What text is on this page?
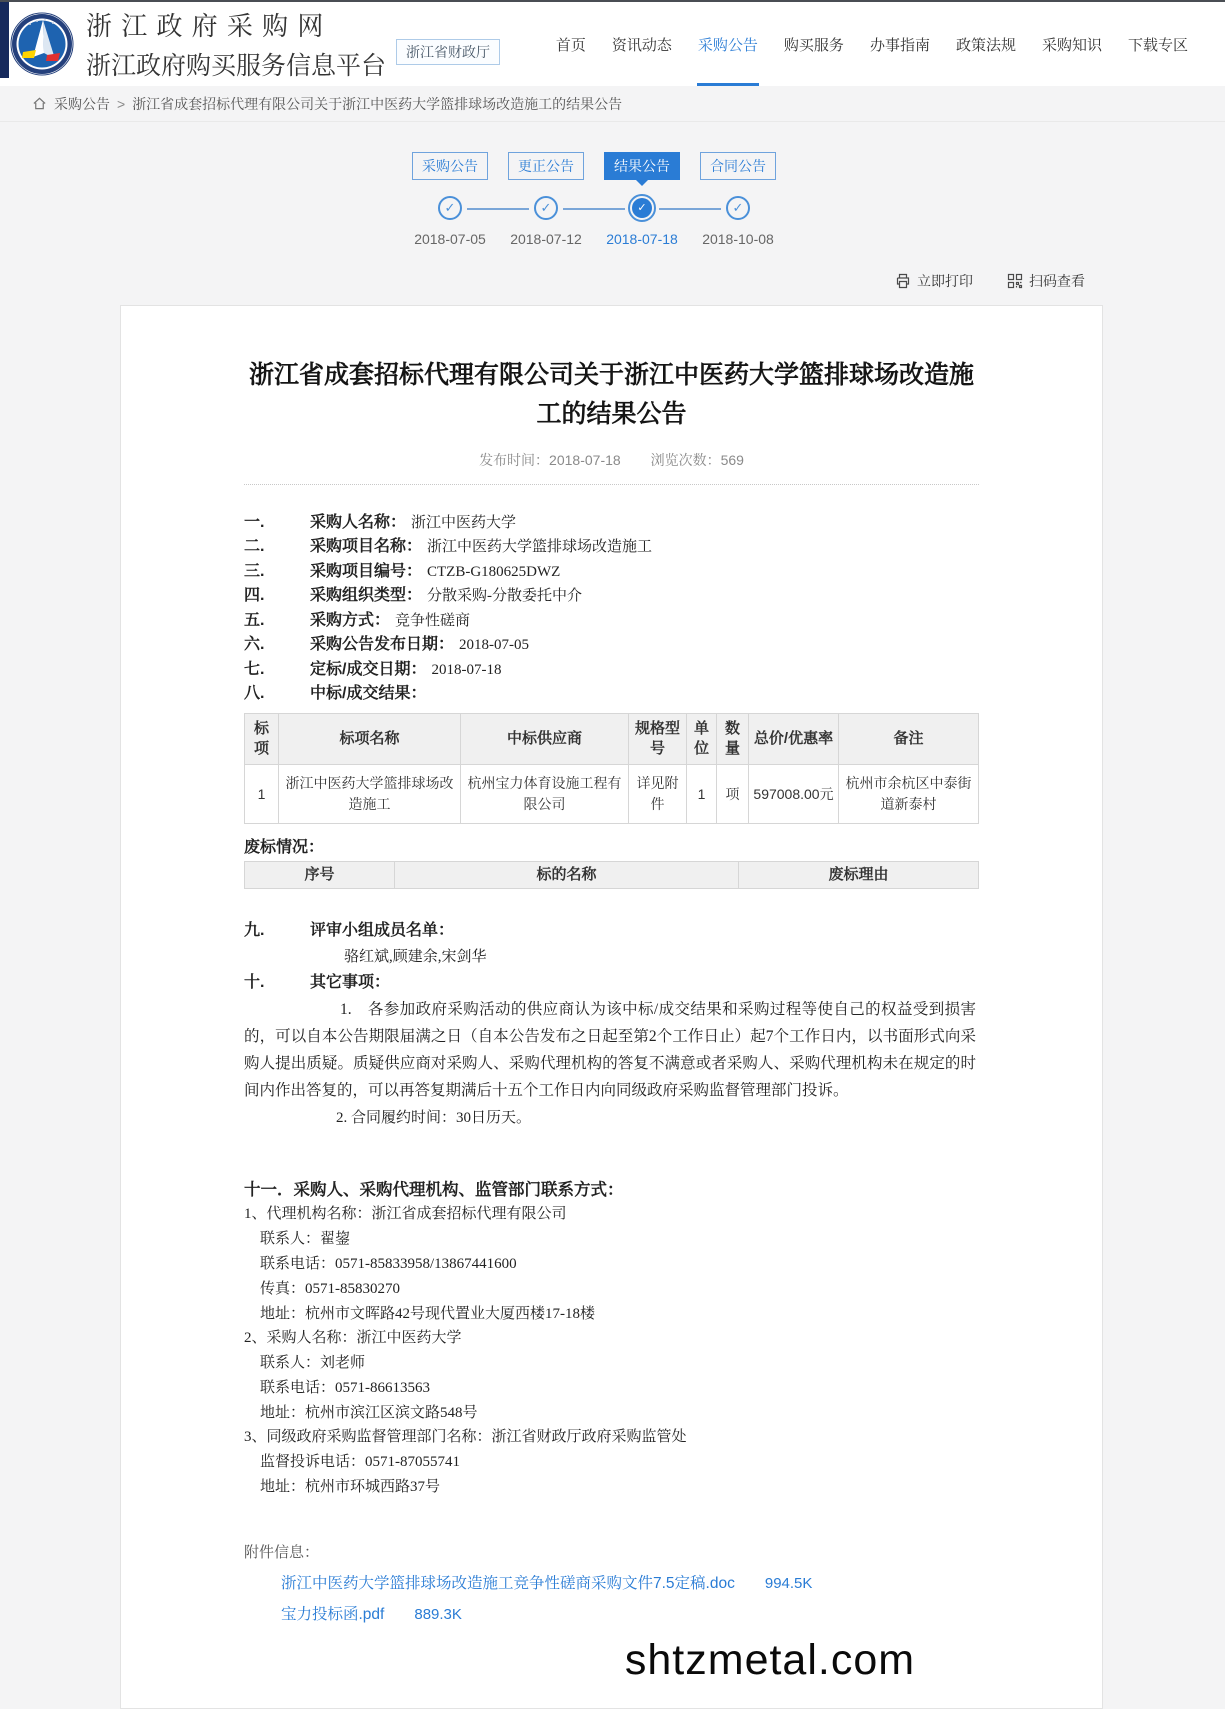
浙 江 政 府 采 购 网
浙江政府购买服务信息平台	浙江省财政厅	首页	资讯动态	采购公告	购买服务	办事指南	政策法规	采购知识	下载专区
采购公告 > 浙江省成套招标代理有限公司关于浙江中医药大学篮排球场改造施工的结果公告
采购公告
✓
2018-07-05
更正公告
✓
2018-07-12
结果公告
✓
2018-07-18
合同公告
✓
2018-10-08
立即打印	扫码查看
浙江省成套招标代理有限公司关于浙江中医药大学篮排球场改造施工的结果公告
发布时间：2018-07-18 浏览次数：569
一.	采购人名称： 浙江中医药大学
二.	采购项目名称： 浙江中医药大学篮排球场改造施工
三.	采购项目编号： CTZB-G180625DWZ
四.	采购组织类型： 分散采购-分散委托中介
五.	采购方式： 竞争性磋商
六.	采购公告发布日期： 2018-07-05
七.	定标/成交日期： 2018-07-18
八.	中标/成交结果：
标项	标项名称	中标供应商	规格型号	单位	数量	总价/优惠率	备注
1	浙江中医药大学篮排球场改造施工	杭州宝力体育设施工程有限公司	详见附件	1	项	597008.00元	杭州市余杭区中泰街道新泰村
废标情况：
序号	标的名称	废标理由
九.	评审小组成员名单：
骆红斌,顾建余,宋剑华
十.	其它事项：

1.　各参加政府采购活动的供应商认为该中标/成交结果和采购过程等使自己的权益受到损害的，可以自本公告期限届满之日（自本公告发布之日起至第2个工作日止）起7个工作日内，以书面形式向采购人提出质疑。质疑供应商对采购人、采购代理机构的答复不满意或者采购人、采购代理机构未在规定的时间内作出答复的，可以再答复期满后十五个工作日内向同级政府采购监督管理部门投诉。

2. 合同履约时间：30日历天。

十一．采购人、采购代理机构、监管部门联系方式：
1、代理机构名称：浙江省成套招标代理有限公司
联系人：翟鋆
联系电话：0571-85833958/13867441600
传真：0571-85830270
地址：杭州市文晖路42号现代置业大厦西楼17-18楼
2、采购人名称：浙江中医药大学
联系人：刘老师
联系电话：0571-86613563
地址：杭州市滨江区滨文路548号
3、同级政府采购监督管理部门名称：浙江省财政厅政府采购监管处
监督投诉电话：0571-87055741
地址：杭州市环城西路37号
附件信息：
浙江中医药大学篮排球场改造施工竞争性磋商采购文件7.5定稿.doc 994.5K
宝力投标函.pdf 889.3K
shtzmetal.com
